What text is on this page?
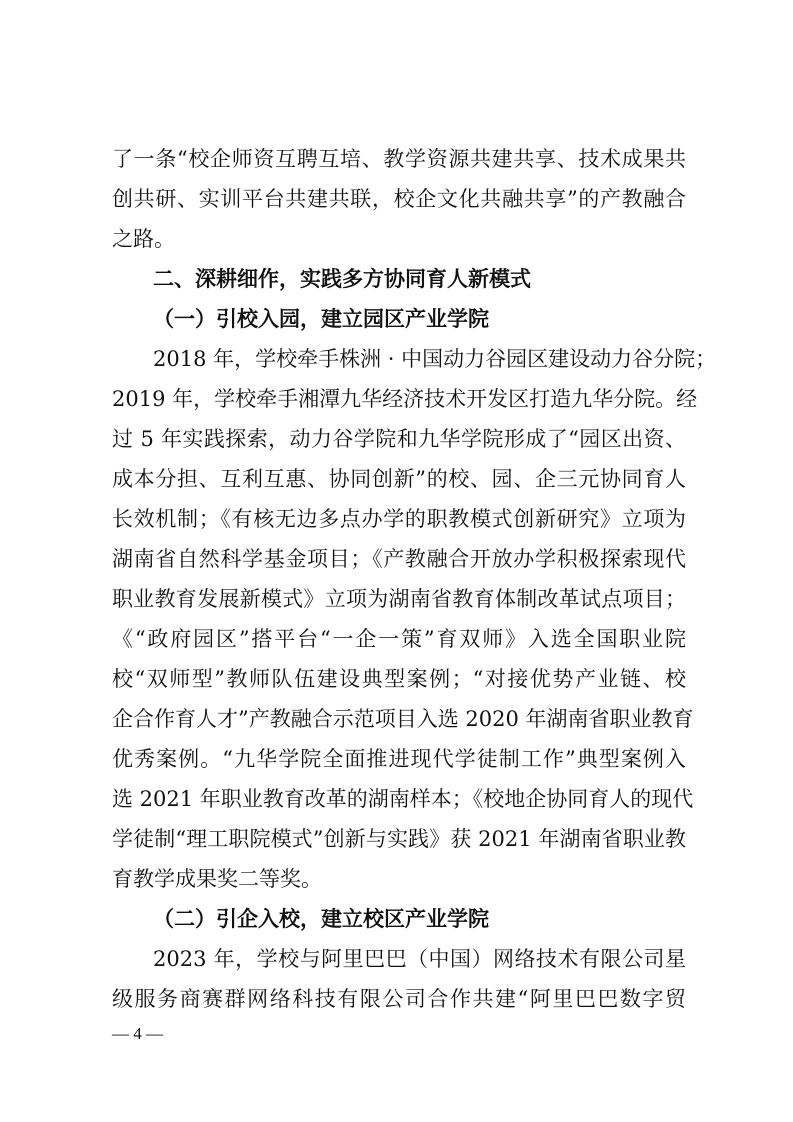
了一条“校企师资互聘互培、教学资源共建共享、技术成果共
创共研、实训平台共建共联，校企文化共融共享”的产教融合
之路。
二、深耕细作，实践多方协同育人新模式
（一）引校入园，建立园区产业学院
2018 年，学校牵手株洲 · 中国动力谷园区建设动力谷分院；
2019 年，学校牵手湘潭九华经济技术开发区打造九华分院。经
过 5 年实践探索，动力谷学院和九华学院形成了“园区出资、
成本分担、互利互惠、协同创新”的校、园、企三元协同育人
长效机制；《有核无边多点办学的职教模式创新研究》立项为
湖南省自然科学基金项目；《产教融合开放办学积极探索现代
职业教育发展新模式》立项为湖南省教育体制改革试点项目；
《“政府园区”搭平台“一企一策”育双师》入选全国职业院
校“双师型”教师队伍建设典型案例；“对接优势产业链、校
企合作育人才”产教融合示范项目入选 2020 年湖南省职业教育
优秀案例。“九华学院全面推进现代学徒制工作”典型案例入
选 2021 年职业教育改革的湖南样本；《校地企协同育人的现代
学徒制“理工职院模式”创新与实践》获 2021 年湖南省职业教
育教学成果奖二等奖。
（二）引企入校，建立校区产业学院
2023 年，学校与阿里巴巴（中国）网络技术有限公司星
级服务商赛群网络科技有限公司合作共建“阿里巴巴数字贸
— 4 —
